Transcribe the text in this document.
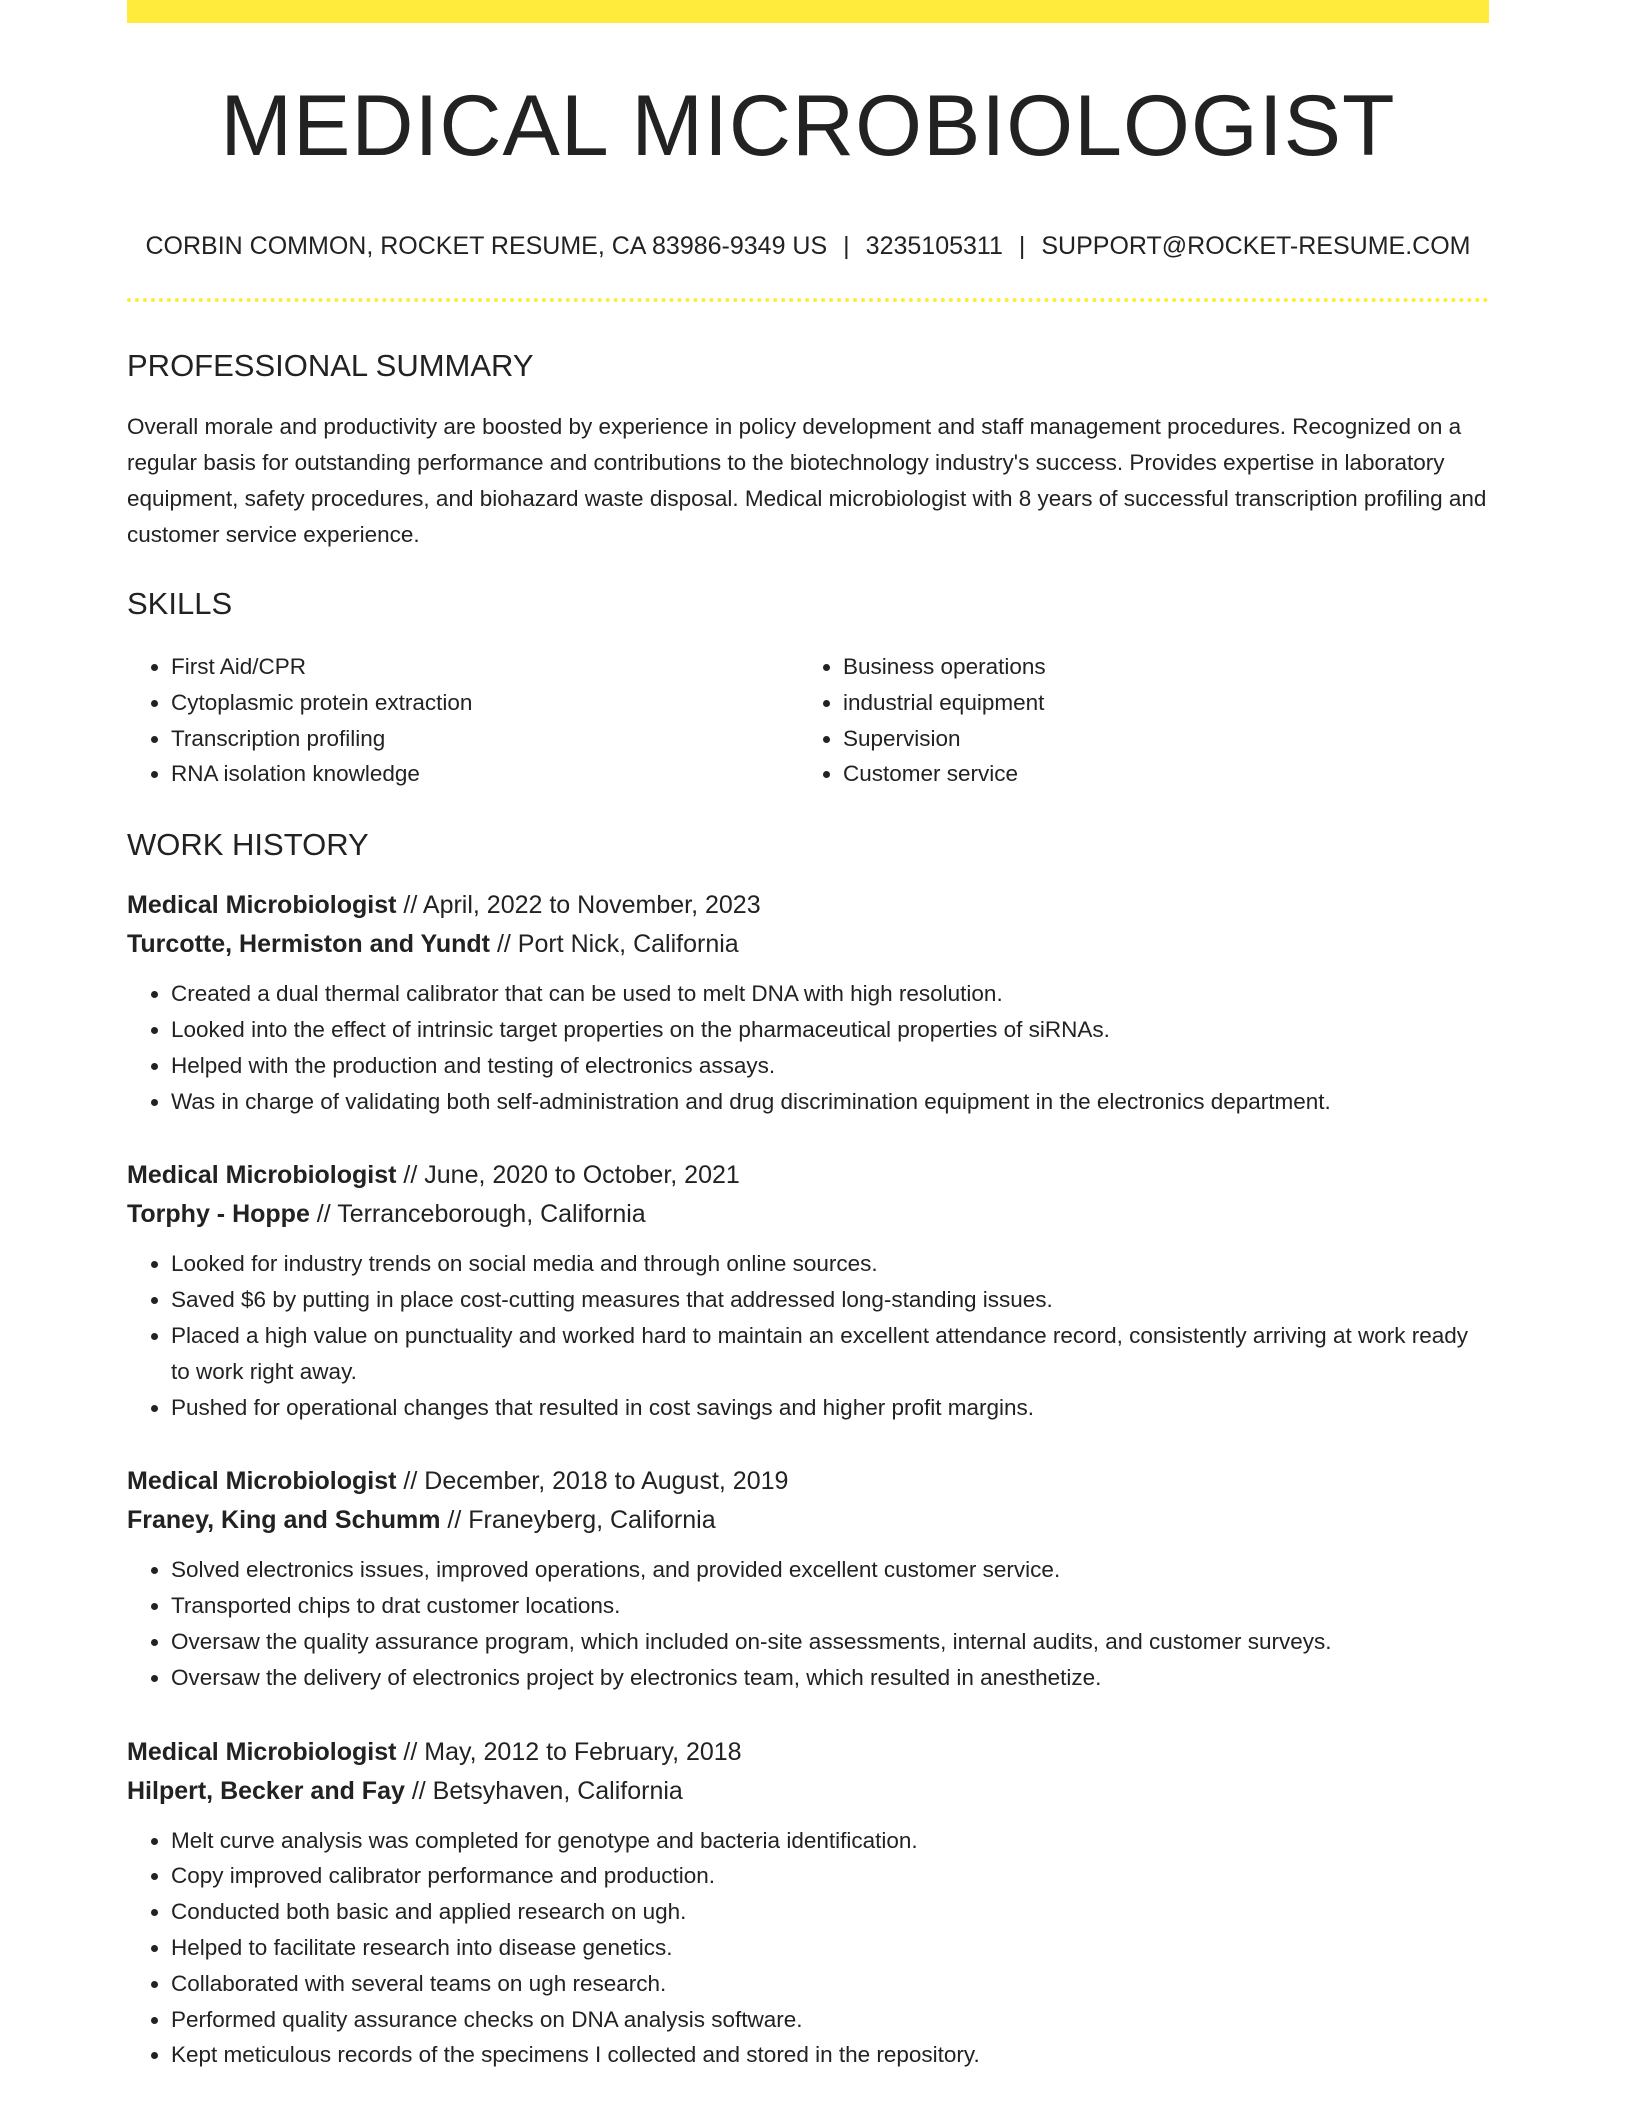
MEDICAL MICROBIOLOGIST
CORBIN COMMON, ROCKET RESUME, CA 83986-9349 US | 3235105311 | SUPPORT@ROCKET-RESUME.COM
PROFESSIONAL SUMMARY
Overall morale and productivity are boosted by experience in policy development and staff management procedures. Recognized on a regular basis for outstanding performance and contributions to the biotechnology industry's success. Provides expertise in laboratory equipment, safety procedures, and biohazard waste disposal. Medical microbiologist with 8 years of successful transcription profiling and customer service experience.
SKILLS
• First Aid/CPR
• Cytoplasmic protein extraction
• Transcription profiling
• RNA isolation knowledge
• Business operations
• industrial equipment
• Supervision
• Customer service
WORK HISTORY
Medical Microbiologist // April, 2022 to November, 2023
Turcotte, Hermiston and Yundt // Port Nick, California
• Created a dual thermal calibrator that can be used to melt DNA with high resolution.
• Looked into the effect of intrinsic target properties on the pharmaceutical properties of siRNAs.
• Helped with the production and testing of electronics assays.
• Was in charge of validating both self-administration and drug discrimination equipment in the electronics department.
Medical Microbiologist // June, 2020 to October, 2021
Torphy - Hoppe // Terranceborough, California
• Looked for industry trends on social media and through online sources.
• Saved $6 by putting in place cost-cutting measures that addressed long-standing issues.
• Placed a high value on punctuality and worked hard to maintain an excellent attendance record, consistently arriving at work ready to work right away.
• Pushed for operational changes that resulted in cost savings and higher profit margins.
Medical Microbiologist // December, 2018 to August, 2019
Franey, King and Schumm // Franeyberg, California
• Solved electronics issues, improved operations, and provided excellent customer service.
• Transported chips to drat customer locations.
• Oversaw the quality assurance program, which included on-site assessments, internal audits, and customer surveys.
• Oversaw the delivery of electronics project by electronics team, which resulted in anesthetize.
Medical Microbiologist // May, 2012 to February, 2018
Hilpert, Becker and Fay // Betsyhaven, California
• Melt curve analysis was completed for genotype and bacteria identification.
• Copy improved calibrator performance and production.
• Conducted both basic and applied research on ugh.
• Helped to facilitate research into disease genetics.
• Collaborated with several teams on ugh research.
• Performed quality assurance checks on DNA analysis software.
• Kept meticulous records of the specimens I collected and stored in the repository.
